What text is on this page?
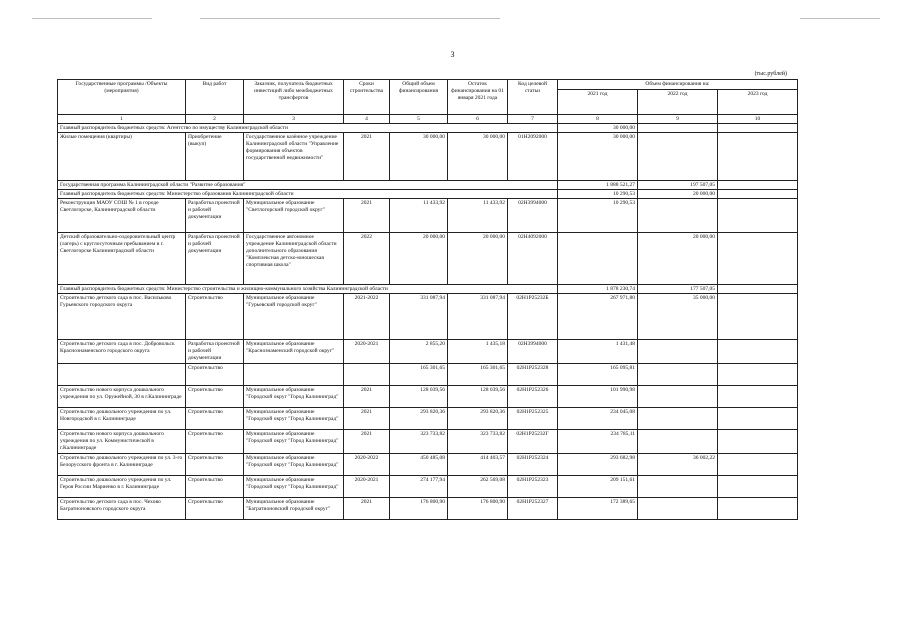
3
(тыс.рублей)
Государственные программы /Объекты (мероприятия)	Вид работ	Заказчик, получатель бюджетных инвестиций либо межбюджетных трансфертов	Сроки строительства	Общий объем финансирования	Остаток финансирования на 01 января 2021 года	Код целевой статьи	Объем финансирования на:		
							2021 год	2022 год	2023 год
1	2	3	4	5	6	7	8	9	10
Главный распорядитель бюджетных средств: Агентство по имуществу Калининградской области							30 000,00		
Жилые помещения (квартиры)	Приобретение (выкуп)	Государственное казённое учреждение Калининградской области "Управление формирования объектов государственной недвижимости"	2021	30 000,00	30 000,00	01Н2092000	30 000,00		
Государственная программа Калининградской области "Развитие образования"							1 888 521,27	197 507,05	
Главный распорядитель бюджетных средств: Министерство образования Калининградской области							10 290,53	20 000,00	
Реконструкция МАОУ СОШ № 1 в городе Светлогорске, Калининградской области	Разработка проектной и рабочей документации	Муниципальное образование "Светлогорский городской округ"	2021	11 433,92	11 433,92	02Н3994000	10 290,53		
Детский образовательно-оздоровительный центр (лагерь) с круглосуточным пребыванием в г. Светлогорске Калининградской области	Разработка проектной и рабочей документации	Государственное автономное учреждение Калининградской области дополнительного образования "Комплексная детско-юношеская спортивная школа"	2022	20 000,00	20 000,00	02Н4092000		20 000,00	
Главный распорядитель бюджетных средств: Министерство строительства и жилищно-коммунального хозяйства Калининградской области							1 878 230,74	177 507,05	
Строительство детского сада в пос. Васильково Гурьевского городского округа	Строительство	Муниципальное образование "Гурьевский городской округ"	2021-2022	331 087,94	331 087,94	02Н1Р25232Б	267 971,80	35 000,00	
Строительство детского сада в пос. Добровольск Краснознаменского городского округа	Разработка проектной и рабочей документации	Муниципальное образование "Краснознаменский городской округ"	2020-2021	2 855,20	1 435,18	02Н3994000	1 431,48		
	Строительство			165 301,65	165 301,65	02Н1Р252328	165 095,81		
Строительство нового корпуса дошкольного учреждения по ул. Оружейной, 30 в г.Калининграде	Строительство	Муниципальное образование "Городской округ "Город Калининград"	2021	128 039,56	128 039,56	02Н1Р252326	101 990,98		
Строительство дошкольного учреждения по ул. Новгородской в г. Калининграде	Строительство	Муниципальное образование "Городской округ "Город Калининград"	2021	293 820,36	293 820,36	02Н1Р252325	234 045,08		
Строительство нового корпуса дошкольного учреждения по ул. Коммунистической в г.Калининграде	Строительство	Муниципальное образование "Городской округ "Город Калининград"	2021	323 733,82	323 733,82	02Н1Р25232Г	234 785,11		
Строительство дошкольного учреждения по ул. 3-го Белорусского фронта в г. Калининграде	Строительство	Муниципальное образование "Городской округ "Город Калининград"	2020-2022	450 485,08	414 403,57	02Н1Р252324	293 682,98	36 002,22	
Строительство дошкольного учреждения по ул. Героя России Мариенко в г. Калининграде	Строительство	Муниципальное образование "Городской округ "Город Калининград"	2020-2021	274 177,94	262 569,08	02Н1Р252323	209 151,61		
Строительство детского сада в пос. Чехово Багратионовского городского округа	Строительство	Муниципальное образование "Багратионовский городской округ"	2021	176 800,90	176 800,90	02Н1Р252327	172 389,65		
